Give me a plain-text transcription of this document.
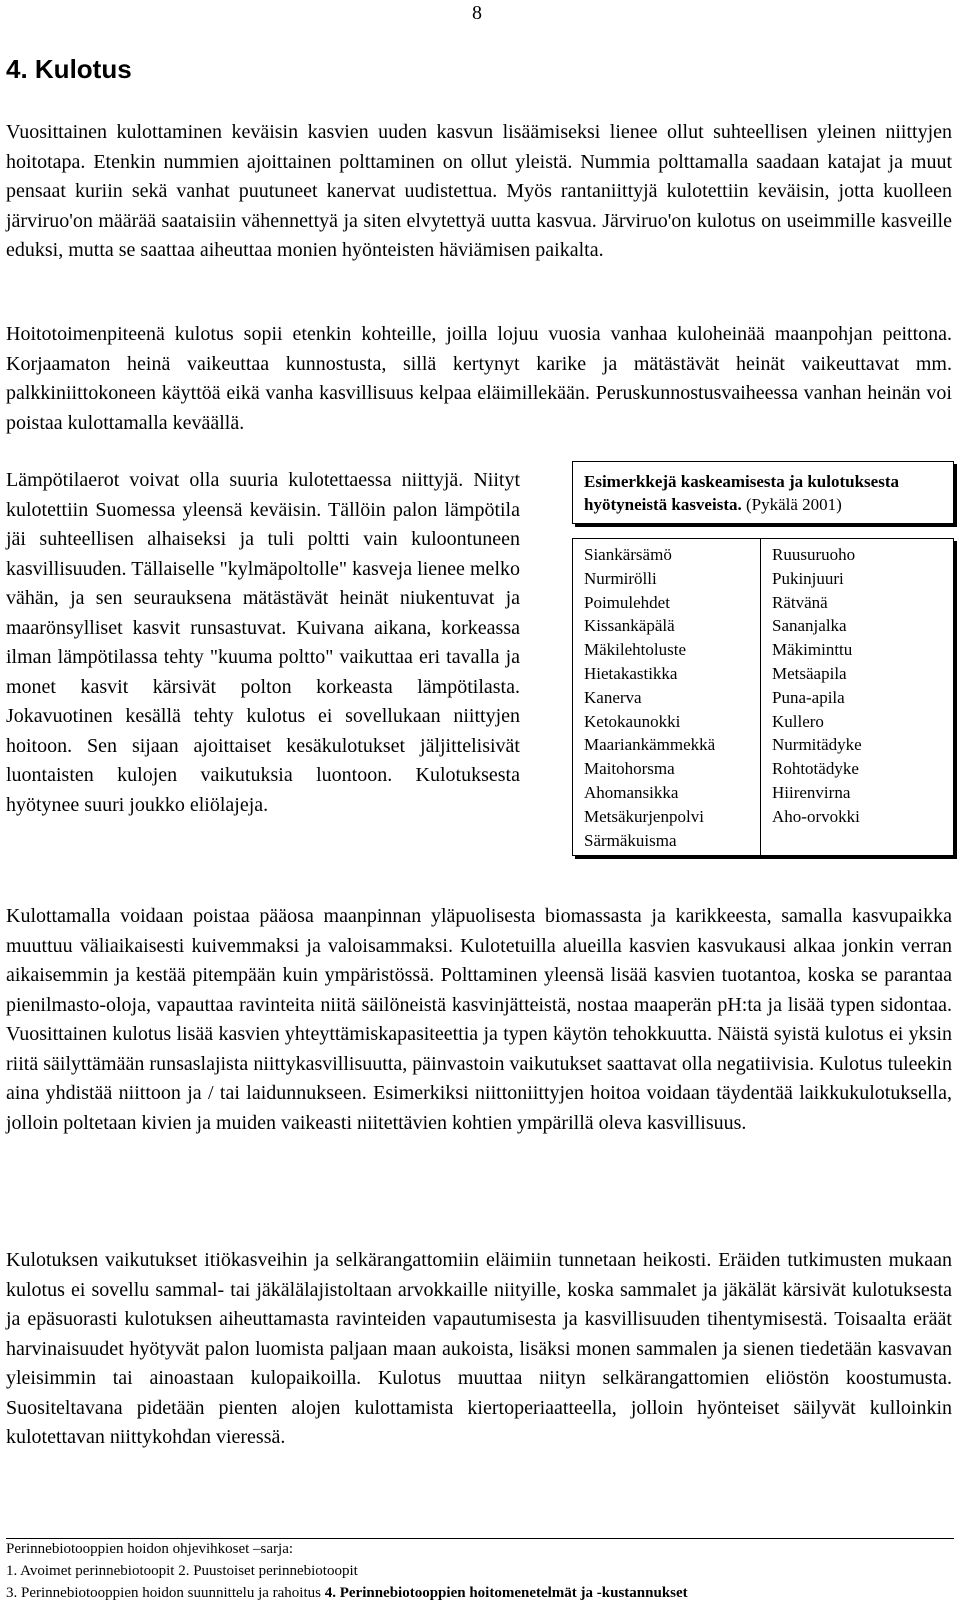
8
4. Kulotus

Vuosittainen kulottaminen keväisin kasvien uuden kasvun lisäämiseksi lienee ollut suhteellisen yleinen niittyjen hoitotapa. Etenkin nummien ajoittainen polttaminen on ollut yleistä. Nummia polttamalla saadaan katajat ja muut pensaat kuriin sekä vanhat puutuneet kanervat uudistettua. Myös rantaniittyjä kulotettiin keväisin, jotta kuolleen järviruo'on määrää saataisiin vähennettyä ja siten elvytettyä uutta kasvua. Järviruo'on kulotus on useimmille kasveille eduksi, mutta se saattaa aiheuttaa monien hyönteisten häviämisen paikalta.

Hoitotoimenpiteenä kulotus sopii etenkin kohteille, joilla lojuu vuosia vanhaa kuloheinää maanpohjan peittona. Korjaamaton heinä vaikeuttaa kunnostusta, sillä kertynyt karike ja mätästävät heinät vaikeuttavat mm. palkkiniittokoneen käyttöä eikä vanha kasvillisuus kelpaa eläimillekään. Peruskunnostusvaiheessa vanhan heinän voi poistaa kulottamalla keväällä.

Lämpötilaerot voivat olla suuria kulotettaessa niittyjä. Niityt kulotettiin Suomessa yleensä keväisin. Tällöin palon lämpötila jäi suhteellisen alhaiseksi ja tuli poltti vain kuloontuneen kasvillisuuden. Tällaiselle "kylmäpoltolle" kasveja lienee melko vähän, ja sen seurauksena mätästävät heinät niukentuvat ja maarönsylliset kasvit runsastuvat. Kuivana aikana, korkeassa ilman lämpötilassa tehty "kuuma poltto" vaikuttaa eri tavalla ja monet kasvit kärsivät polton korkeasta lämpötilasta. Jokavuotinen kesällä tehty kulotus ei sovellukaan niittyjen hoitoon. Sen sijaan ajoittaiset kesäkulotukset jäljittelisivät luontaisten kulojen vaikutuksia luontoon. Kulotuksesta hyötynee suuri joukko eliölajeja.

Esimerkkejä kaskeamisesta ja kulotuksesta hyötyneistä kasveista. (Pykälä 2001)
Siankärsämö
Nurmirölli
Poimulehdet
Kissankäpälä
Mäkilehtoluste
Hietakastikka
Kanerva
Ketokaunokki
Maariankämmekkä
Maitohorsma
Ahomansikka
Metsäkurjenpolvi
Särmäkuisma
Ruusuruoho
Pukinjuuri
Rätvänä
Sananjalka
Mäkiminttu
Metsäapila
Puna-apila
Kullero
Nurmitädyke
Rohtotädyke
Hiirenvirna
Aho-orvokki

Kulottamalla voidaan poistaa pääosa maanpinnan yläpuolisesta biomassasta ja karikkeesta, samalla kasvupaikka muuttuu väliaikaisesti kuivemmaksi ja valoisammaksi. Kulotetuilla alueilla kasvien kasvukausi alkaa jonkin verran aikaisemmin ja kestää pitempään kuin ympäristössä. Polttaminen yleensä lisää kasvien tuotantoa, koska se parantaa pienilmasto-oloja, vapauttaa ravinteita niitä säilöneistä kasvinjätteistä, nostaa maaperän pH:ta ja lisää typen sidontaa. Vuosittainen kulotus lisää kasvien yhteyttämiskapasiteettia ja typen käytön tehokkuutta. Näistä syistä kulotus ei yksin riitä säilyttämään runsaslajista niittykasvillisuutta, päinvastoin vaikutukset saattavat olla negatiivisia. Kulotus tuleekin aina yhdistää niittoon ja / tai laidunnukseen. Esimerkiksi niittoniittyjen hoitoa voidaan täydentää laikkukulotuksella, jolloin poltetaan kivien ja muiden vaikeasti niitettävien kohtien ympärillä oleva kasvillisuus.

Kulotuksen vaikutukset itiökasveihin ja selkärangattomiin eläimiin tunnetaan heikosti. Eräiden tutkimusten mukaan kulotus ei sovellu sammal- tai jäkälälajistoltaan arvokkaille niityille, koska sammalet ja jäkälät kärsivät kulotuksesta ja epäsuorasti kulotuksen aiheuttamasta ravinteiden vapautumisesta ja kasvillisuuden tihentymisestä. Toisaalta eräät harvinaisuudet hyötyvät palon luomista paljaan maan aukoista, lisäksi monen sammalen ja sienen tiedetään kasvavan yleisimmin tai ainoastaan kulopaikoilla. Kulotus muuttaa niityn selkärangattomien eliöstön koostumusta. Suositeltavana pidetään pienten alojen kulottamista kiertoperiaatteella, jolloin hyönteiset säilyvät kulloinkin kulotettavan niittykohdan vieressä.

Perinnebiotooppien hoidon ohjevihkoset –sarja:
1. Avoimet perinnebiotoopit 2. Puustoiset perinnebiotoopit
3. Perinnebiotooppien hoidon suunnittelu ja rahoitus 4. Perinnebiotooppien hoitomenetelmät ja -kustannukset
